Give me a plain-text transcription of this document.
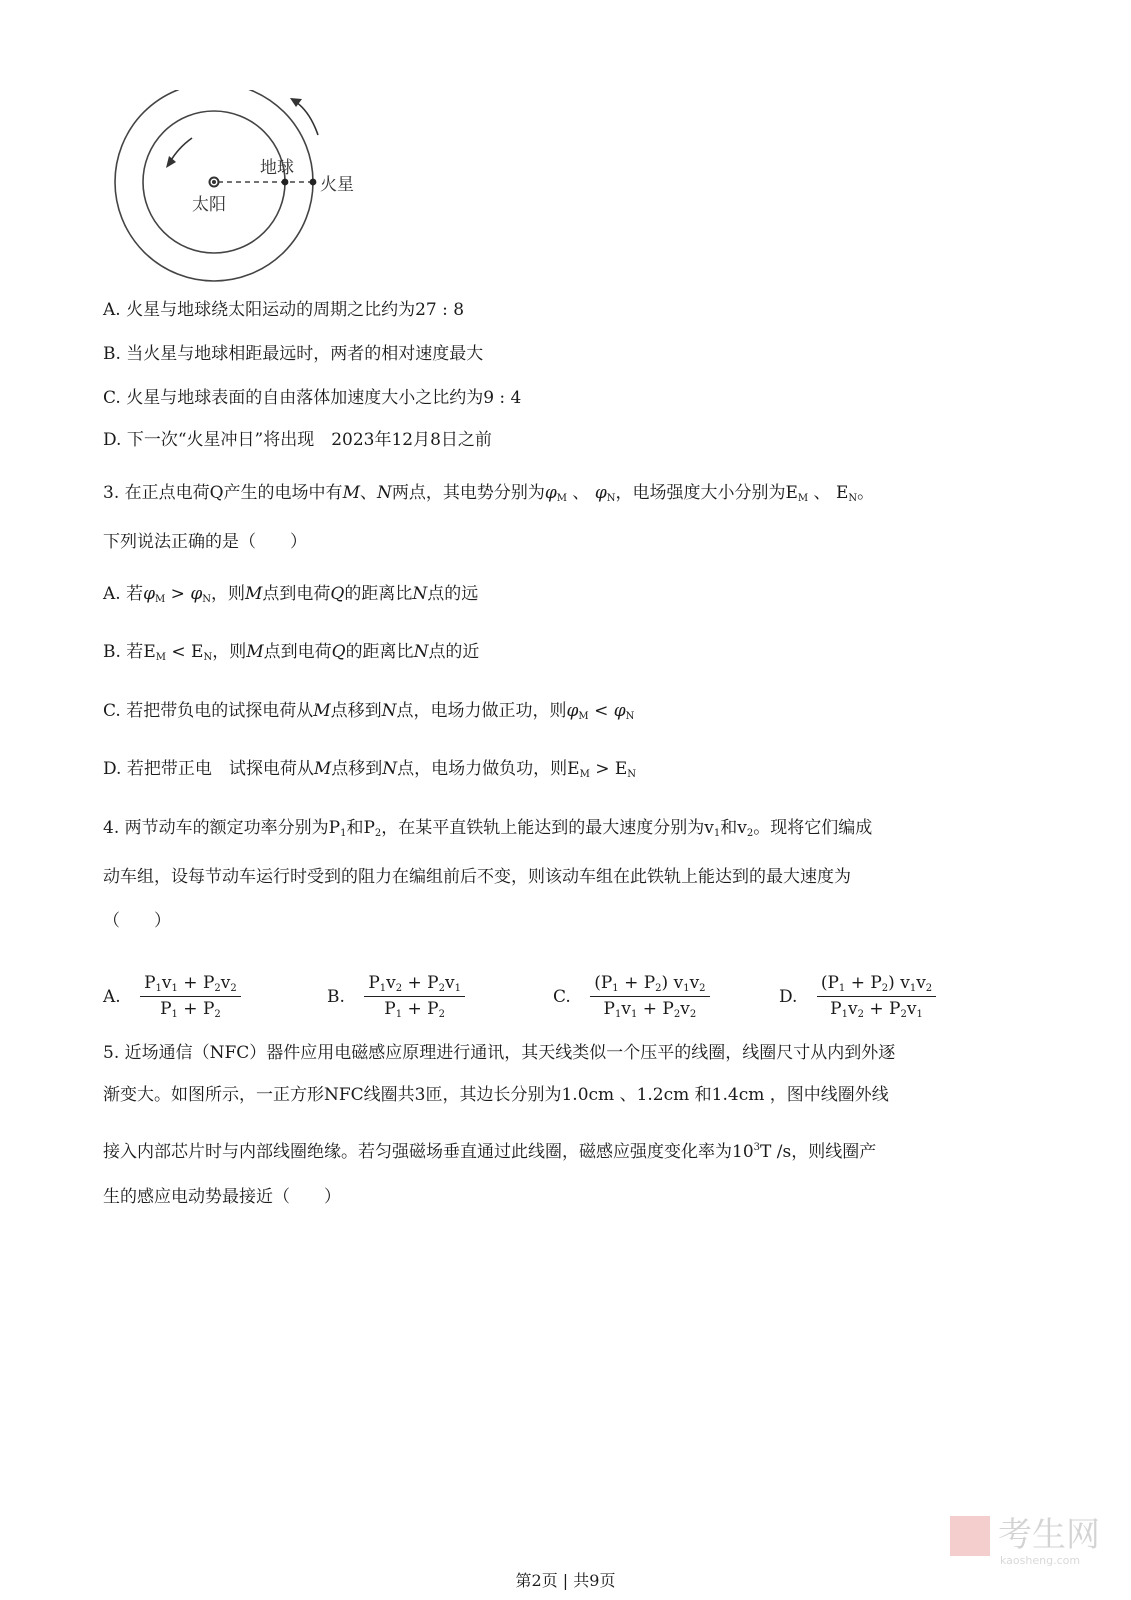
太阳
地球
火星
A. 火星与地球绕太阳运动的周期之比约为27 : 8
B. 当火星与地球相距最远时，两者的相对速度最大
C. 火星与地球表面的自由落体加速度大小之比约为9 : 4
D. 下一次“火星冲日”将出现　2023年12月8日之前
3. 在正点电荷Q产生的电场中有M、N两点，其电势分别为$\varphi_M$ 、 $\varphi_N$，电场强度大小分别为$E_M$ 、 $E_N$。
下列说法正确的是（　　）
A. 若$\varphi_M > \varphi_N$，则M点到电荷Q的距离比N点的远
B. 若$E_M < E_N$，则M点到电荷Q的距离比N点的近
C. 若把带负电的试探电荷从M点移到N点，电场力做正功，则$\varphi_M < \varphi_N$
D. 若把带正电　试探电荷从M点移到N点，电场力做负功，则$E_M > E_N$
4. 两节动车的额定功率分别为$P_1$和$P_2$，在某平直铁轨上能达到的最大速度分别为$v_1$和$v_2$。现将它们编成
动车组，设每节动车运行时受到的阻力在编组前后不变，则该动车组在此铁轨上能达到的最大速度为
（　　）
A. $\frac{P_1v_1 + P_2v_2}{P_1 + P_2}$	B. $\frac{P_1v_2 + P_2v_1}{P_1 + P_2}$	C. $\frac{(P_1 + P_2) v_1v_2}{P_1v_1 + P_2v_2}$	D. $\frac{(P_1 + P_2) v_1v_2}{P_1v_2 + P_2v_1}$
5. 近场通信（NFC）器件应用电磁感应原理进行通讯，其天线类似一个压平的线圈，线圈尺寸从内到外逐
渐变大。如图所示，一正方形NFC线圈共3匝，其边长分别为1.0cm 、1.2cm 和1.4cm ，图中线圈外线
接入内部芯片时与内部线圈绝缘。若匀强磁场垂直通过此线圈，磁感应强度变化率为$10^3T$ /s，则线圈产
生的感应电动势最接近（　　）
考生网
kaosheng.com
第2页 | 共9页
